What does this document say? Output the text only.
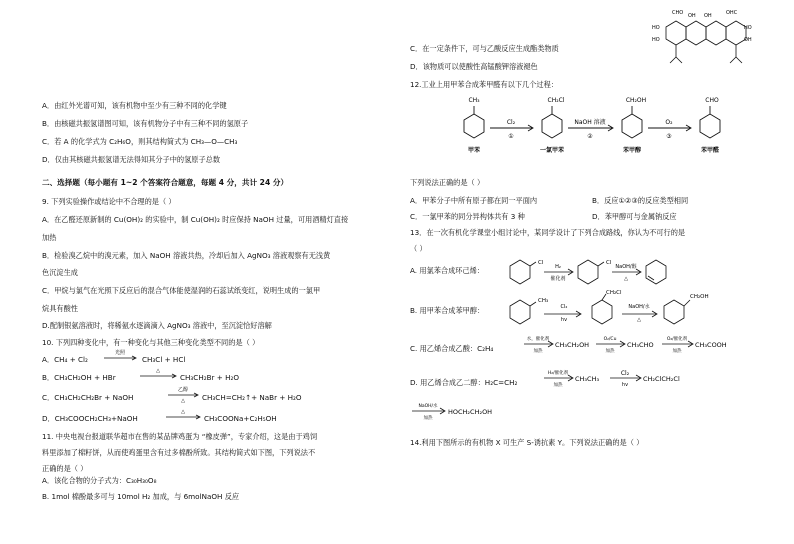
A．由红外光谱可知，该有机物中至少有三种不同的化学键
B．由核磁共振氢谱图可知，该有机物分子中有三种不同的氢原子
C．若 A 的化学式为 C₂H₆O，则其结构简式为 CH₃—O—CH₃
D．仅由其核磁共振氢谱无法得知其分子中的氢原子总数
二、选择题（每小题有 1~2 个答案符合题意，每题 4 分，共计 24 分）
9. 下列实验操作或结论中不合理的是（ ）
A．在乙醛还原新制的 Cu(OH)₂ 的实验中，制 Cu(OH)₂ 时应保持 NaOH 过量，可用酒精灯直接
加热
B．检验溴乙烷中的溴元素，加入 NaOH 溶液共热，冷却后加入 AgNO₃ 溶液观察有无浅黄
色沉淀生成
C．甲烷与氯气在光照下反应后的混合气体能使湿润的石蕊试纸变红，说明生成的一氯甲
烷具有酸性
D.配制银氨溶液时，将稀氨水逐滴滴入 AgNO₃ 溶液中，至沉淀恰好溶解
10. 下列四种变化中，有一种变化与其他三种变化类型不同的是（ ）
A．CH₄ + Cl₂
光照
CH₃Cl + HCl
B．CH₃CH₂OH + HBr
△
CH₃CH₂Br + H₂O
C．CH₃CH₂CH₂Br + NaOH
乙醇
△ CH₃CH=CH₂↑+ NaBr + H₂O
D．CH₃COOCH₂CH₃+NaOH
△
CH₃COONa+C₂H₅OH
11. 中央电视台报道联华超市在售的某品牌鸡蛋为 “橡皮弹”，专家介绍，这是由于鸡饲
料里添加了棉籽饼，从而使鸡蛋里含有过多棉酚所致。其结构简式如下图，下列说法不
正确的是（ ）
A．该化合物的分子式为：C₃₀H₃₀O₈
B. 1mol 棉酚最多可与 10mol H₂ 加成，与 6molNaOH 反应
C．在一定条件下，可与乙酸反应生成酯类物质
D．该物质可以使酸性高锰酸钾溶液褪色
CHO	OHC
HO
OH
HO
OH
HO
OH
12.工业上用甲苯合成苯甲醛有以下几个过程：
CH₃	CH₂Cl	CH₂OH	CHO
Cl₂	NaOH 溶液	O₂
①	②	③
甲苯	一氯甲苯	苯甲醇	苯甲醛
下列说法正确的是（ ）
A．甲苯分子中所有原子都在同一平面内	B．反应①②③的反应类型相同
C．一氯甲苯的同分异构体共有 3 种	D．苯甲醇可与金属钠反应
13．在一次有机化学课堂小组讨论中，某同学设计了下列合成路线，你认为不可行的是
（ ）
A. 用氯苯合成环己烯：
Cl
H₂
催化剂
Cl
NaOH/醇
△
B. 用甲苯合成苯甲醇：
CH₃
Cl₂
hv
CH₂Cl
NaOH/水
△
CH₂OH
C. 用乙烯合成乙酸：C₂H₄
水，催化剂
加热
CH₃CH₂OH
O₂/Cu
加热
CH₃CHO
O₂/催化剂
加热
CH₃COOH
D. 用乙烯合成乙二醇：H₂C=CH₂
H₂/催化剂
加热
CH₃CH₃
Cl₂
hv
CH₂ClCH₂Cl
NaOH/水
加热
HOCH₂CH₂OH
14.利用下图所示的有机物 X 可生产 S-诱抗素 Y。下列说法正确的是（ ）
